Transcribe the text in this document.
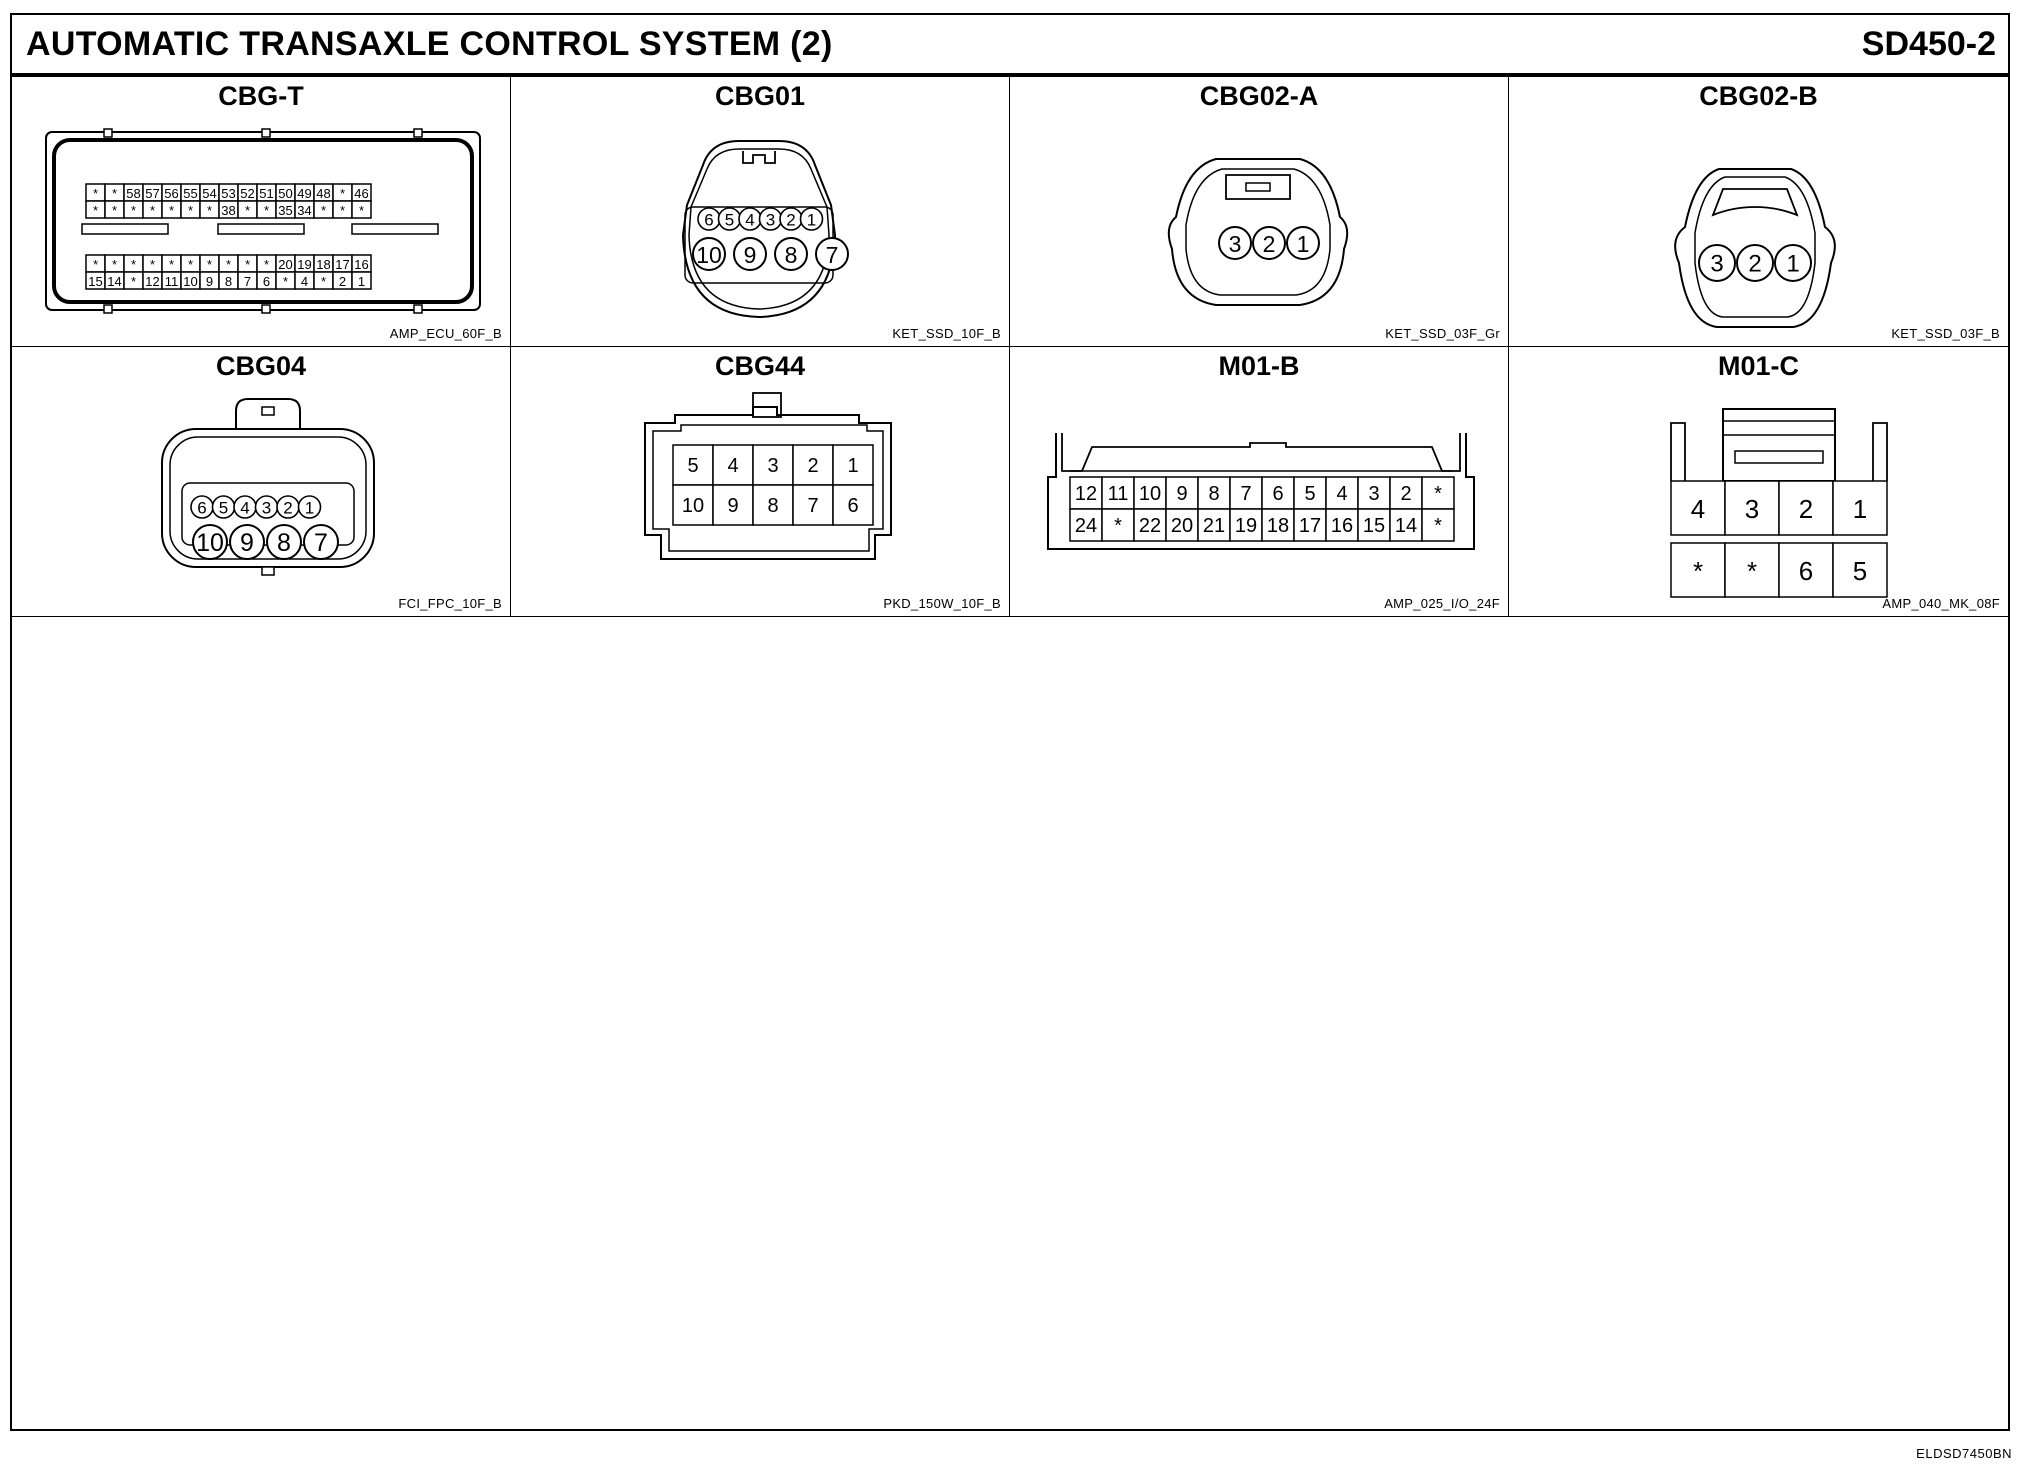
AUTOMATIC TRANSAXLE CONTROL SYSTEM (2)	SD450-2
CBG-T
* * 58 57 56 55 54 53 52 51 50 49 48 * 46
* * * * * * * 38 * * 35 34 * * *
* * * * * * * * * * 20 19 18 17 16
15 14 * 12 11 10 9 8 7 6 * 4 * 2 1
AMP_ECU_60F_B
CBG01
6 5 4 3 2 1
10 9 8 7
KET_SSD_10F_B
CBG02-A
3 2 1
KET_SSD_03F_Gr
CBG02-B
3 2 1
KET_SSD_03F_B
CBG04
6 5 4 3 2 1
10 9 8 7
FCI_FPC_10F_B
CBG44
5 4 3 2 1
10 9 8 7 6
PKD_150W_10F_B
M01-B
12 11 10 9 8 7 6 5 4 3 2 *
24 * 22 20 21 19 18 17 16 15 14 *
AMP_025_I/O_24F
M01-C
4 3 2 1
* * 6 5
AMP_040_MK_08F
ELDSD7450BN
